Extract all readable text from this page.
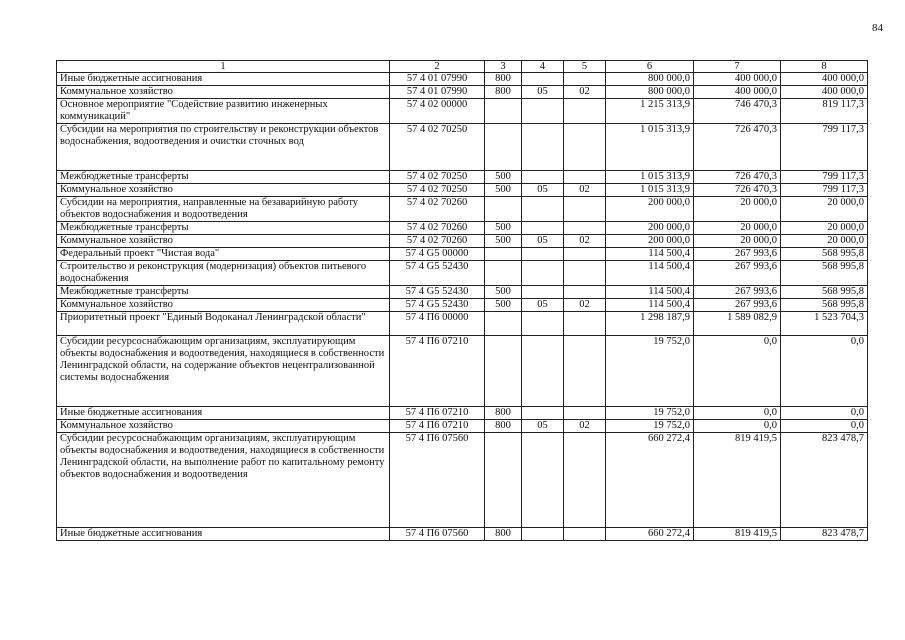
84
1	2	3	4	5	6	7	8
Иные бюджетные ассигнования	57 4 01 07990	800			800 000,0	400 000,0	400 000,0
Коммунальное хозяйство	57 4 01 07990	800	05	02	800 000,0	400 000,0	400 000,0
Основное мероприятие "Содействие развитию инженерных коммуникаций"	57 4 02 00000				1 215 313,9	746 470,3	819 117,3
Субсидии на мероприятия по строительству и реконструкции объектов водоснабжения, водоотведения и очистки сточных вод	57 4 02 70250				1 015 313,9	726 470,3	799 117,3
Межбюджетные трансферты	57 4 02 70250	500			1 015 313,9	726 470,3	799 117,3
Коммунальное хозяйство	57 4 02 70250	500	05	02	1 015 313,9	726 470,3	799 117,3
Субсидии на мероприятия, направленные на безаварийную работу объектов водоснабжения и водоотведения	57 4 02 70260				200 000,0	20 000,0	20 000,0
Межбюджетные трансферты	57 4 02 70260	500			200 000,0	20 000,0	20 000,0
Коммунальное хозяйство	57 4 02 70260	500	05	02	200 000,0	20 000,0	20 000,0
Федеральный проект "Чистая вода"	57 4 G5 00000				114 500,4	267 993,6	568 995,8
Строительство и реконструкция (модернизация) объектов питьевого водоснабжения	57 4 G5 52430				114 500,4	267 993,6	568 995,8
Межбюджетные трансферты	57 4 G5 52430	500			114 500,4	267 993,6	568 995,8
Коммунальное хозяйство	57 4 G5 52430	500	05	02	114 500,4	267 993,6	568 995,8
Приоритетный проект "Единый Водоканал Ленинградской области"	57 4 П6 00000				1 298 187,9	1 589 082,9	1 523 704,3
Субсидии ресурсоснабжающим организациям, эксплуатирующим объекты водоснабжения и водоотведения, находящиеся в собственности Ленинградской области, на содержание объектов нецентрализованной системы водоснабжения	57 4 П6 07210				19 752,0	0,0	0,0
Иные бюджетные ассигнования	57 4 П6 07210	800			19 752,0	0,0	0,0
Коммунальное хозяйство	57 4 П6 07210	800	05	02	19 752,0	0,0	0,0
Субсидии ресурсоснабжающим организациям, эксплуатирующим объекты водоснабжения и водоотведения, находящиеся в собственности Ленинградской области, на выполнение работ по капитальному ремонту объектов водоснабжения и водоотведения	57 4 П6 07560				660 272,4	819 419,5	823 478,7
Иные бюджетные ассигнования	57 4 П6 07560	800			660 272,4	819 419,5	823 478,7
